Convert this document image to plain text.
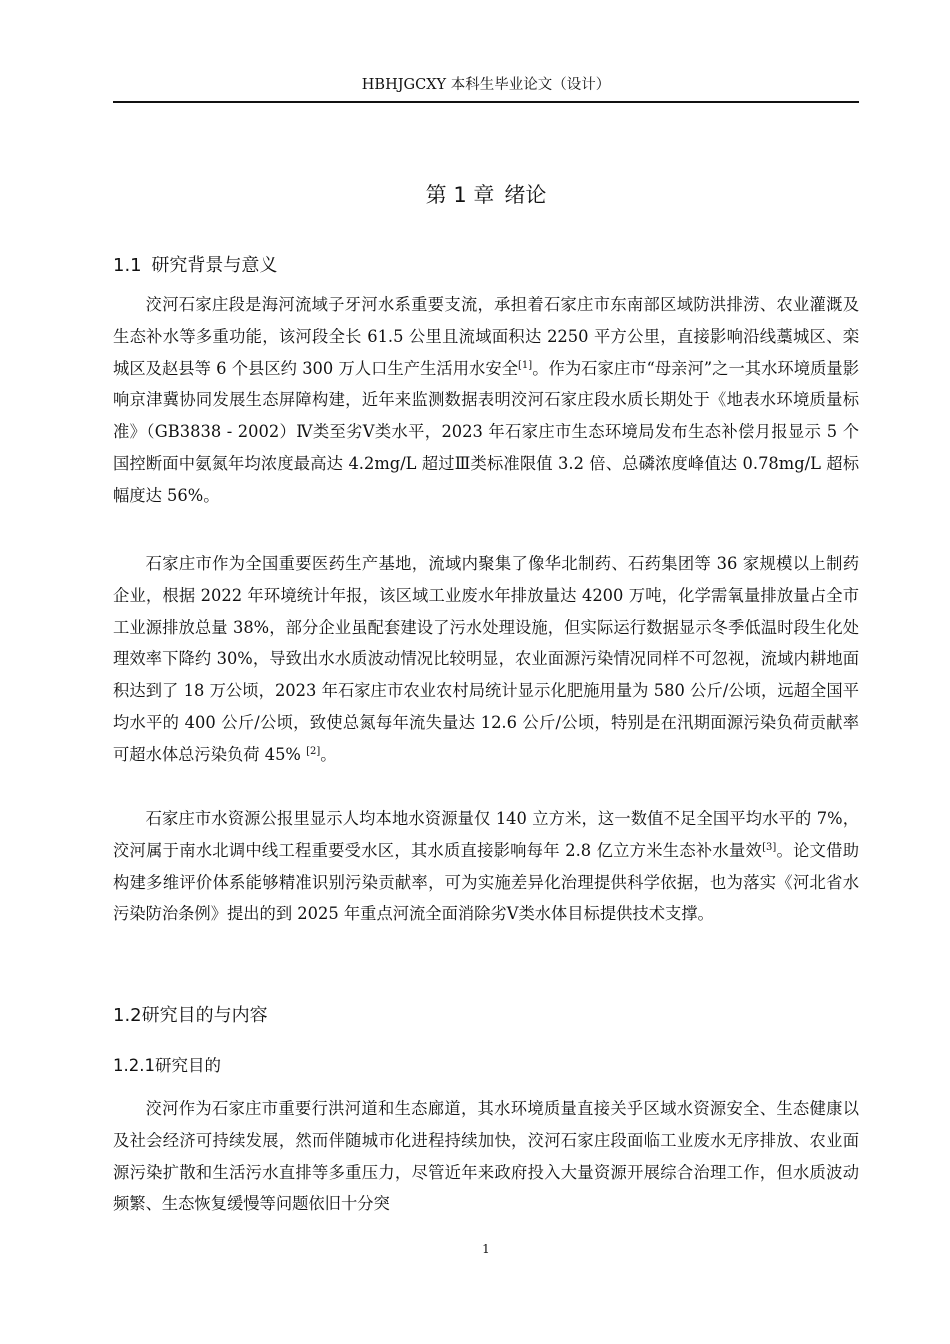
HBHJGCXY 本科生毕业论文（设计）
第 1 章 绪论
1.1 研究背景与意义

洨河石家庄段是海河流域子牙河水系重要支流，承担着石家庄市东南部区域防洪排涝、农业灌溉及生态补水等多重功能，该河段全长 61.5 公里且流域面积达 2250 平方公里，直接影响沿线藁城区、栾城区及赵县等 6 个县区约 300 万人口生产生活用水安全[1]。作为石家庄市“母亲河”之一其水环境质量影响京津冀协同发展生态屏障构建，近年来监测数据表明洨河石家庄段水质长期处于《地表水环境质量标准》（GB3838 - 2002）Ⅳ类至劣Ⅴ类水平，2023 年石家庄市生态环境局发布生态补偿月报显示 5 个国控断面中氨氮年均浓度最高达 4.2mg/L 超过Ⅲ类标准限值 3.2 倍、总磷浓度峰值达 0.78mg/L 超标幅度达 56%。

石家庄市作为全国重要医药生产基地，流域内聚集了像华北制药、石药集团等 36 家规模以上制药企业，根据 2022 年环境统计年报，该区域工业废水年排放量达 4200 万吨，化学需氧量排放量占全市工业源排放总量 38%，部分企业虽配套建设了污水处理设施，但实际运行数据显示冬季低温时段生化处理效率下降约 30%，导致出水水质波动情况比较明显，农业面源污染情况同样不可忽视，流域内耕地面积达到了 18 万公顷，2023 年石家庄市农业农村局统计显示化肥施用量为 580 公斤/公顷，远超全国平均水平的 400 公斤/公顷，致使总氮每年流失量达 12.6 公斤/公顷，特别是在汛期面源污染负荷贡献率可超水体总污染负荷 45% [2]。

石家庄市水资源公报里显示人均本地水资源量仅 140 立方米，这一数值不足全国平均水平的 7%，洨河属于南水北调中线工程重要受水区，其水质直接影响每年 2.8 亿立方米生态补水量效[3]。论文借助构建多维评价体系能够精准识别污染贡献率，可为实施差异化治理提供科学依据，也为落实《河北省水污染防治条例》提出的到 2025 年重点河流全面消除劣Ⅴ类水体目标提供技术支撑。

1.2研究目的与内容
1.2.1研究目的

洨河作为石家庄市重要行洪河道和生态廊道，其水环境质量直接关乎区域水资源安全、生态健康以及社会经济可持续发展，然而伴随城市化进程持续加快，洨河石家庄段面临工业废水无序排放、农业面源污染扩散和生活污水直排等多重压力，尽管近年来政府投入大量资源开展综合治理工作，但水质波动频繁、生态恢复缓慢等问题依旧十分突

1
